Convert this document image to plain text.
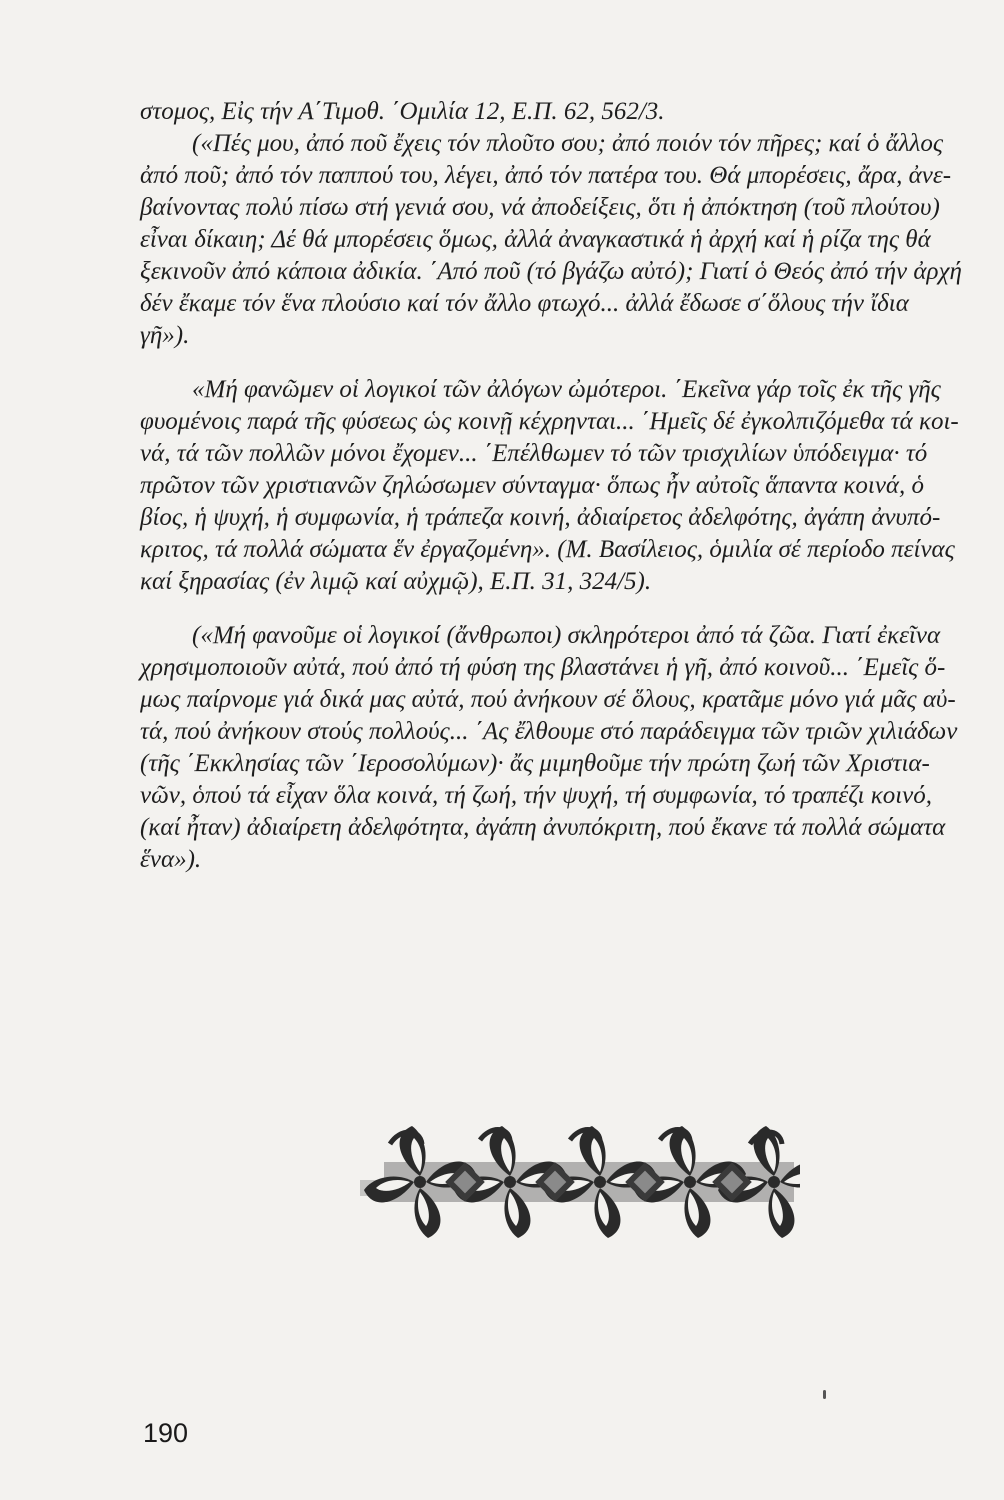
στομος, Εἰς τήν Α΄Τιμοθ. ΄Ομιλία 12, Ε.Π. 62, 562/3.
(«Πές μου, ἀπό ποῦ ἔχεις τόν πλοῦτο σου; ἀπό ποιόν τόν πῆρες; καί ὁ ἄλλος
ἀπό ποῦ; ἀπό τόν παππού του, λέγει, ἀπό τόν πατέρα του. Θά μπορέσεις, ἄρα, ἀνε-
βαίνοντας πολύ πίσω στή γενιά σου, νά ἀποδείξεις, ὅτι ἡ ἀπόκτηση (τοῦ πλούτου)
εἶναι δίκαιη; Δέ θά μπορέσεις ὅμως, ἀλλά ἀναγκαστικά ἡ ἀρχή καί ἡ ρίζα της θά
ξεκινοῦν ἀπό κάποια ἀδικία. ΄Από ποῦ (τό βγάζω αὐτό); Γιατί ὁ Θεός ἀπό τήν ἀρχή
δέν ἔκαμε τόν ἕνα πλούσιο καί τόν ἄλλο φτωχό... ἀλλά ἔδωσε σ΄ὅλους τήν ἴδια
γῆ»).
«Μή φανῶμεν οἱ λογικοί τῶν ἀλόγων ὠμότεροι. ΄Εκεῖνα γάρ τοῖς ἐκ τῆς γῆς
φυομένοις παρά τῆς φύσεως ὡς κοινῇ κέχρηνται... ΄Ημεῖς δέ ἐγκολπιζόμεθα τά κοι-
νά, τά τῶν πολλῶν μόνοι ἔχομεν... ΄Επέλθωμεν τό τῶν τρισχιλίων ὑπόδειγμα· τό
πρῶτον τῶν χριστιανῶν ζηλώσωμεν σύνταγμα· ὅπως ἦν αὐτοῖς ἅπαντα κοινά, ὁ
βίος, ἡ ψυχή, ἡ συμφωνία, ἡ τράπεζα κοινή, ἀδιαίρετος ἀδελφότης, ἀγάπη ἀνυπό-
κριτος, τά πολλά σώματα ἕν ἐργαζομένη». (Μ. Βασίλειος, ὁμιλία σέ περίοδο πείνας
καί ξηρασίας (ἐν λιμῷ καί αὐχμῷ), Ε.Π. 31, 324/5).
(«Μή φανοῦμε οἱ λογικοί (ἄνθρωποι) σκληρότεροι ἀπό τά ζῶα. Γιατί ἐκεῖνα
χρησιμοποιοῦν αὐτά, πού ἀπό τή φύση της βλαστάνει ἡ γῆ, ἀπό κοινοῦ... ΄Εμεῖς ὅ-
μως παίρνομε γιά δικά μας αὐτά, πού ἀνήκουν σέ ὅλους, κρατᾶμε μόνο γιά μᾶς αὐ-
τά, πού ἀνήκουν στούς πολλούς... ΄Ας ἔλθουμε στό παράδειγμα τῶν τριῶν χιλιάδων
(τῆς ΄Εκκλησίας τῶν ΄Ιεροσολύμων)· ἄς μιμηθοῦμε τήν πρώτη ζωή τῶν Χριστια-
νῶν, ὁπού τά εἶχαν ὅλα κοινά, τή ζωή, τήν ψυχή, τή συμφωνία, τό τραπέζι κοινό,
(καί ἦταν) ἀδιαίρετη ἀδελφότητα, ἀγάπη ἀνυπόκριτη, πού ἔκανε τά πολλά σώματα
ἕνα»).
190
